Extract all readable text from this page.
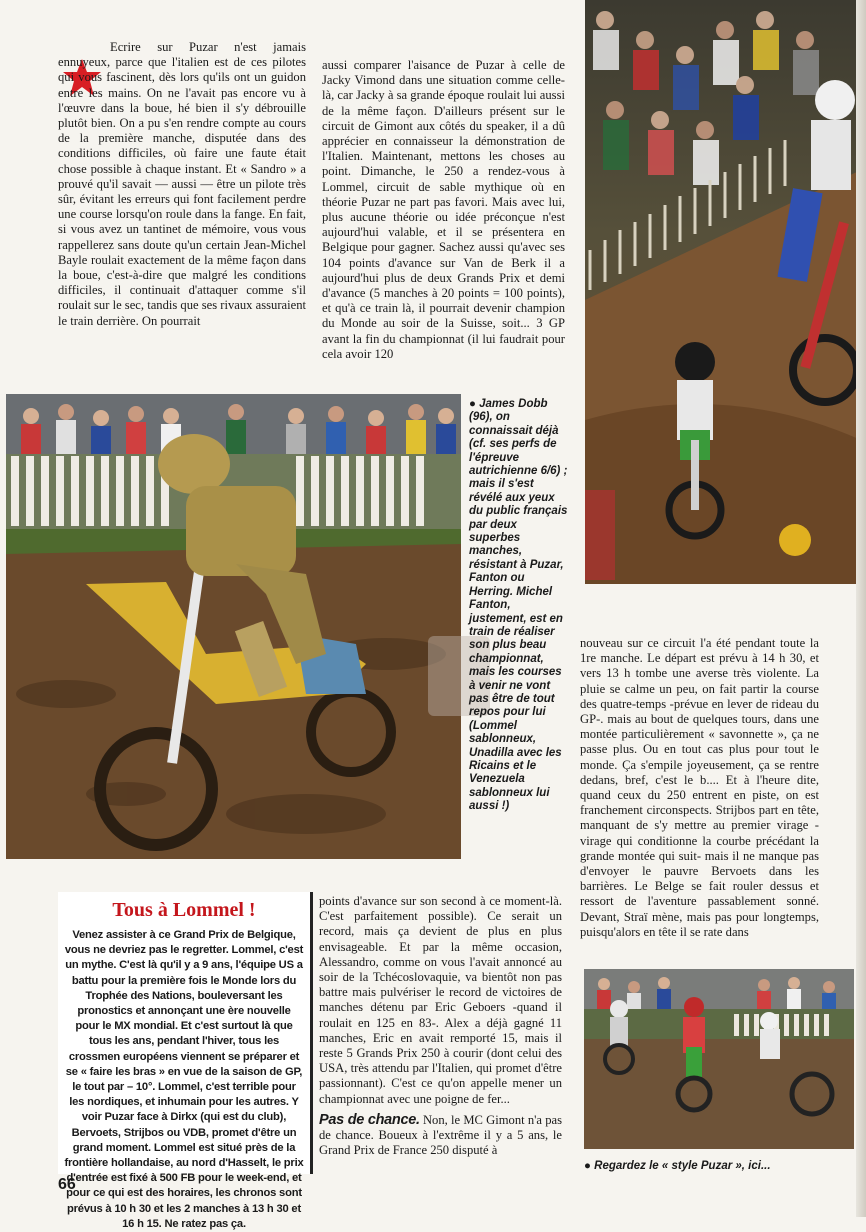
Ecrire sur Puzar n'est jamais ennuyeux, parce que l'italien est de ces pilotes qui vous fascinent, dès lors qu'ils ont un guidon entre les mains. On ne l'avait pas encore vu à l'œuvre dans la boue, hé bien il s'y débrouille plutôt bien. On a pu s'en rendre compte au cours de la première manche, disputée dans des conditions difficiles, où faire une faute était chose possible à chaque instant. Et « Sandro » a prouvé qu'il savait — aussi — être un pilote très sûr, évitant les erreurs qui font facilement perdre une course lorsqu'on roule dans la fange. En fait, si vous avez un tantinet de mémoire, vous vous rappellerez sans doute qu'un certain Jean-Michel Bayle roulait exactement de la même façon dans la boue, c'est-à-dire que malgré les conditions difficiles, il continuait d'attaquer comme s'il roulait sur le sec, tandis que ses rivaux assuraient le train derrière. On pourrait

aussi comparer l'aisance de Puzar à celle de Jacky Vimond dans une situation comme celle-là, car Jacky à sa grande époque roulait lui aussi de la même façon. D'ailleurs présent sur le circuit de Gimont aux côtés du speaker, il a dû apprécier en connaisseur la démonstration de l'Italien. Maintenant, mettons les choses au point. Dimanche, le 250 a rendez-vous à Lommel, circuit de sable mythique où en théorie Puzar ne part pas favori. Mais avec lui, plus aucune théorie ou idée préconçue n'est aujourd'hui valable, et il se présentera en Belgique pour gagner. Sachez aussi qu'avec ses 104 points d'avance sur Van de Berk il a aujourd'hui plus de deux Grands Prix et demi d'avance (5 manches à 20 points = 100 points), et qu'à ce train là, il pourrait devenir champion du Monde au soir de la Suisse, soit... 3 GP avant la fin du championnat (il lui faudrait pour cela avoir 120

● James Dobb (96), on connaissait déjà (cf. ses perfs de l'épreuve autrichienne 6/6) ; mais il s'est révélé aux yeux du public français par deux superbes manches, résistant à Puzar, Fanton ou Herring. Michel Fanton, justement, est en train de réaliser son plus beau championnat, mais les courses à venir ne vont pas être de tout repos pour lui (Lommel sablonneux, Unadilla avec les Ricains et le Venezuela sablonneux lui aussi !)
Tous à Lommel !
Venez assister à ce Grand Prix de Belgique, vous ne devriez pas le regretter. Lommel, c'est un mythe. C'est là qu'il y a 9 ans, l'équipe US a battu pour la première fois le Monde lors du Trophée des Nations, bouleversant les pronostics et annonçant une ère nouvelle pour le MX mondial. Et c'est surtout là que tous les ans, pendant l'hiver, tous les crossmen européens viennent se préparer et se « faire les bras » en vue de la saison de GP, le tout par – 10°. Lommel, c'est terrible pour les nordiques, et inhumain pour les autres. Y voir Puzar face à Dirkx (qui est du club), Bervoets, Strijbos ou VDB, promet d'être un grand moment. Lommel est situé près de la frontière hollandaise, au nord d'Hasselt, le prix d'entrée est fixé à 500 FB pour le week-end, et pour ce qui est des horaires, les chronos sont prévus à 10 h 30 et les 2 manches à 13 h 30 et 16 h 15. Ne ratez pas ça.

points d'avance sur son second à ce moment-là. C'est parfaitement possible). Ce serait un record, mais ça devient de plus en plus envisageable. Et par la même occasion, Alessandro, comme on vous l'avait annoncé au soir de la Tchécoslovaquie, va bientôt non pas battre mais pulvériser le record de victoires de manches détenu par Eric Geboers -quand il roulait en 125 en 83-. Alex a déjà gagné 11 manches, Eric en avait remporté 15, mais il reste 5 Grands Prix 250 à courir (dont celui des USA, très attendu par l'Italien, qui promet d'être passionnant). C'est ce qu'on appelle mener un championnat avec une poigne de fer...

Pas de chance. Non, le MC Gimont n'a pas de chance. Boueux à l'extrême il y a 5 ans, le Grand Prix de France 250 disputé à

nouveau sur ce circuit l'a été pendant toute la 1re manche. Le départ est prévu à 14 h 30, et vers 13 h tombe une averse très violente. La pluie se calme un peu, on fait partir la course des quatre-temps -prévue en lever de rideau du GP-. mais au bout de quelques tours, dans une montée particulièrement « savonnette », ça ne passe plus. Ou en tout cas plus pour tout le monde. Ça s'empile joyeusement, ça se rentre dedans, bref, c'est le b.... Et à l'heure dite, quand ceux du 250 entrent en piste, on est franchement circonspects. Strijbos part en tête, manquant de s'y mettre au premier virage -virage qui conditionne la courbe précédant la grande montée qui suit- mais il ne manque pas d'envoyer le pauvre Bervoets dans les barrières. Le Belge se fait rouler dessus et ressort de l'aventure passablement sonné. Devant, Straï mène, mais pas pour longtemps, puisqu'alors en tête il se rate dans

● Regardez le « style Puzar », ici...
66
